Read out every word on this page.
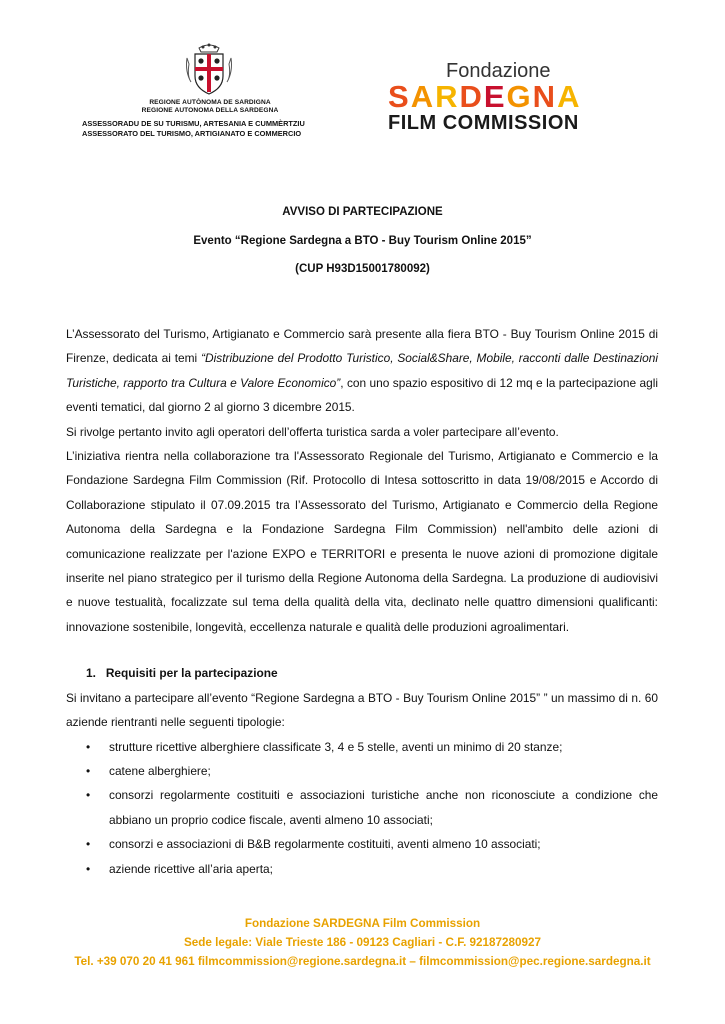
REGIONE AUTÒNOMA DE SARDIGNA
REGIONE AUTONOMA DELLA SARDEGNA
ASSESSORADU DE SU TURISMU, ARTESANIA E CUMMÈRTZIU
ASSESSORATO DEL TURISMO, ARTIGIANATO E COMMERCIO
Fondazione
SARDEGNA
FILM COMMISSION
AVVISO DI PARTECIPAZIONE
Evento “Regione Sardegna a BTO - Buy Tourism Online 2015”
(CUP H93D15001780092)

L’Assessorato del Turismo, Artigianato e Commercio sarà presente alla fiera BTO - Buy Tourism Online 2015 di Firenze, dedicata ai temi “Distribuzione del Prodotto Turistico, Social&Share, Mobile, racconti dalle Destinazioni Turistiche, rapporto tra Cultura e Valore Economico”, con uno spazio espositivo di 12 mq e la partecipazione agli eventi tematici, dal giorno 2 al giorno 3 dicembre 2015.

Si rivolge pertanto invito agli operatori dell’offerta turistica sarda a voler partecipare all’evento.

L’iniziativa rientra nella collaborazione tra l'Assessorato Regionale del Turismo, Artigianato e Commercio e la Fondazione Sardegna Film Commission (Rif. Protocollo di Intesa sottoscritto in data 19/08/2015 e Accordo di Collaborazione stipulato il 07.09.2015 tra l’Assessorato del Turismo, Artigianato e Commercio della Regione Autonoma della Sardegna e la Fondazione Sardegna Film Commission) nell'ambito delle azioni di comunicazione realizzate per l'azione EXPO e TERRITORI e presenta le nuove azioni di promozione digitale inserite nel piano strategico per il turismo della Regione Autonoma della Sardegna. La produzione di audiovisivi e nuove testualità, focalizzate sul tema della qualità della vita, declinato nelle quattro dimensioni qualificanti: innovazione sostenibile, longevità, eccellenza naturale e qualità delle produzioni agroalimentari.

1. Requisiti per la partecipazione

Si invitano a partecipare all’evento “Regione Sardegna a BTO - Buy Tourism Online 2015” ” un massimo di n. 60 aziende rientranti nelle seguenti tipologie:

• strutture ricettive alberghiere classificate 3, 4 e 5 stelle, aventi un minimo di 20 stanze;
• catene alberghiere;
• consorzi regolarmente costituiti e associazioni turistiche anche non riconosciute a condizione che abbiano un proprio codice fiscale, aventi almeno 10 associati;
• consorzi e associazioni di B&B regolarmente costituiti, aventi almeno 10 associati;
• aziende ricettive all’aria aperta;
Fondazione SARDEGNA Film Commission
Sede legale: Viale Trieste 186 - 09123 Cagliari - C.F. 92187280927
Tel. +39 070 20 41 961 filmcommission@regione.sardegna.it – filmcommission@pec.regione.sardegna.it
